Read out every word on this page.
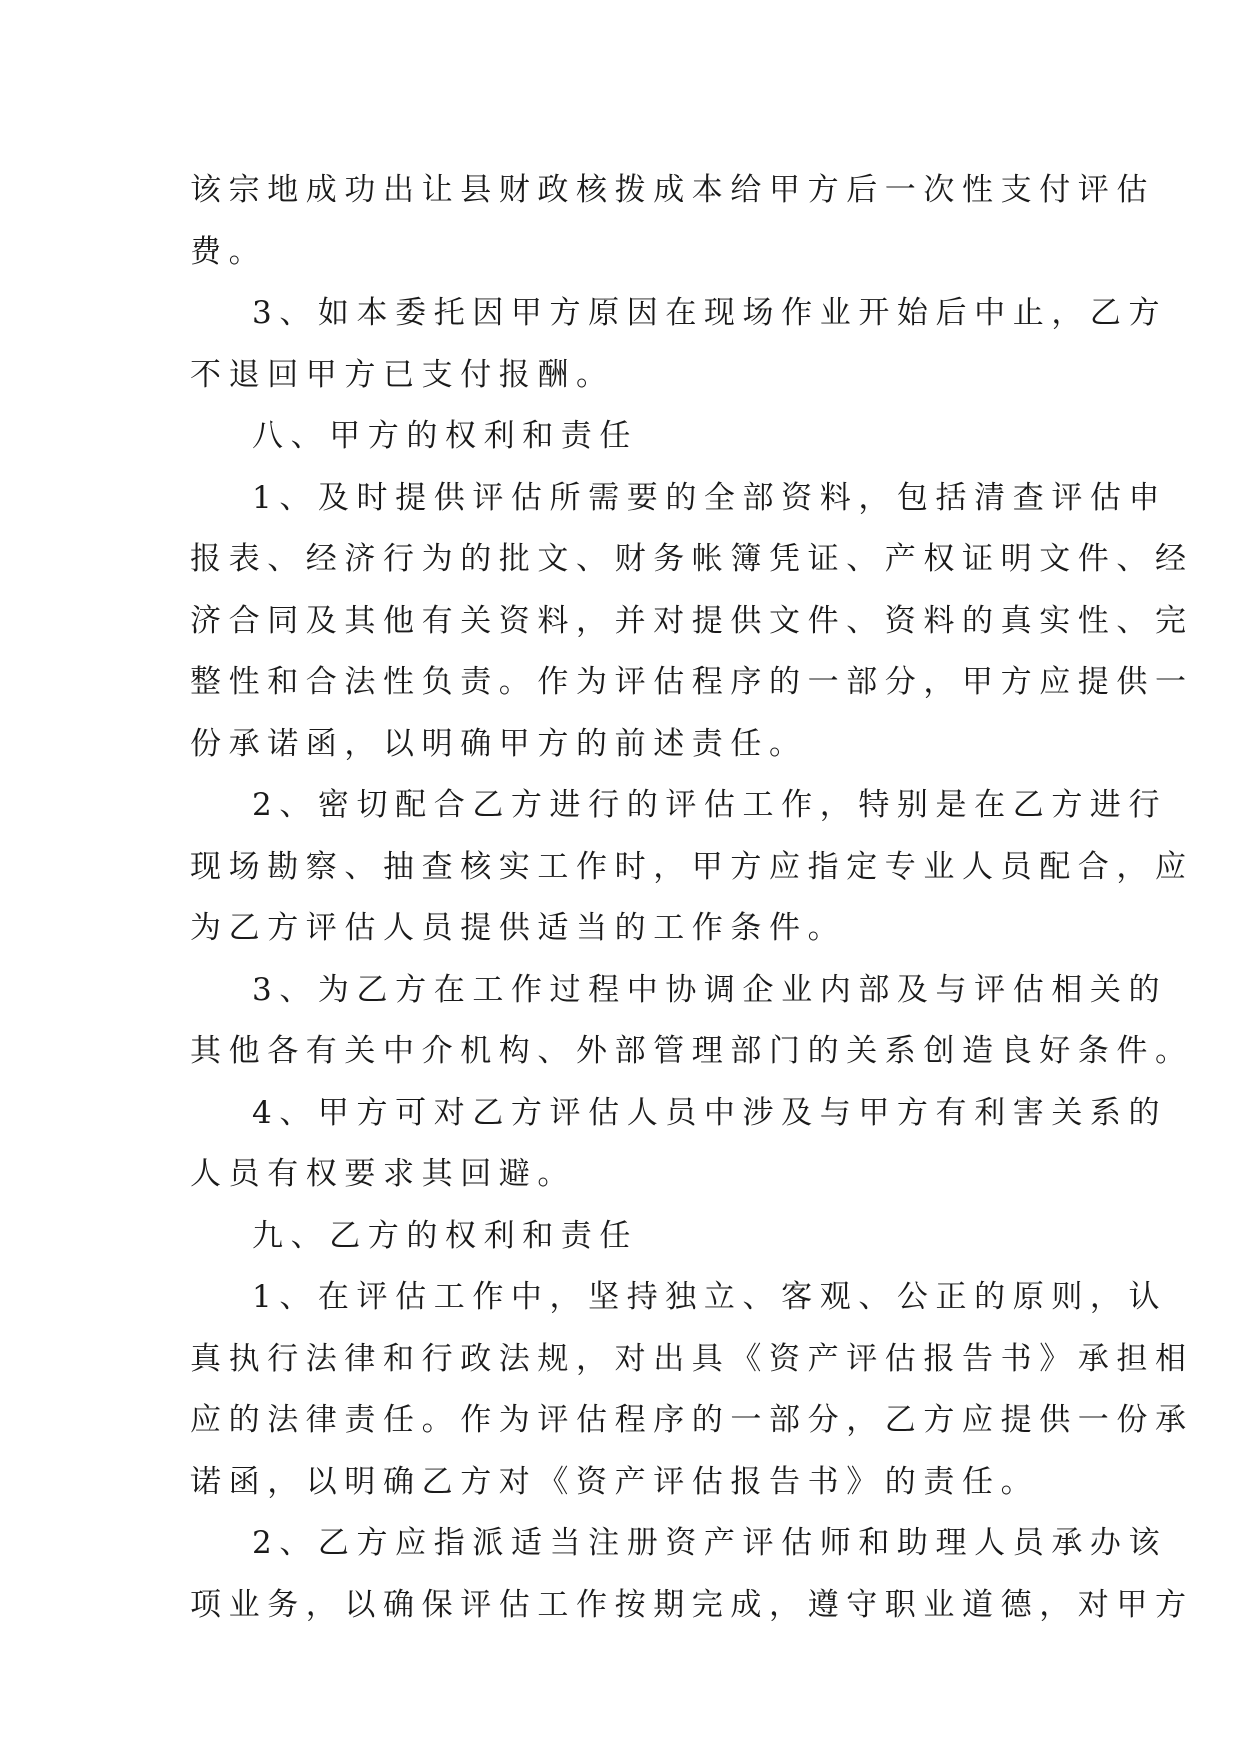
该宗地成功出让县财政核拨成本给甲方后一次性支付评估
费。
3、如本委托因甲方原因在现场作业开始后中止，乙方
不退回甲方已支付报酬。
八、甲方的权利和责任
1、及时提供评估所需要的全部资料，包括清查评估申
报表、经济行为的批文、财务帐簿凭证、产权证明文件、经
济合同及其他有关资料，并对提供文件、资料的真实性、完
整性和合法性负责。作为评估程序的一部分，甲方应提供一
份承诺函，以明确甲方的前述责任。
2、密切配合乙方进行的评估工作，特别是在乙方进行
现场勘察、抽查核实工作时，甲方应指定专业人员配合，应
为乙方评估人员提供适当的工作条件。
3、为乙方在工作过程中协调企业内部及与评估相关的
其他各有关中介机构、外部管理部门的关系创造良好条件。
4、甲方可对乙方评估人员中涉及与甲方有利害关系的
人员有权要求其回避。
九、乙方的权利和责任
1、在评估工作中，坚持独立、客观、公正的原则，认
真执行法律和行政法规，对出具《资产评估报告书》承担相
应的法律责任。作为评估程序的一部分，乙方应提供一份承
诺函，以明确乙方对《资产评估报告书》的责任。
2、乙方应指派适当注册资产评估师和助理人员承办该
项业务，以确保评估工作按期完成，遵守职业道德，对甲方
